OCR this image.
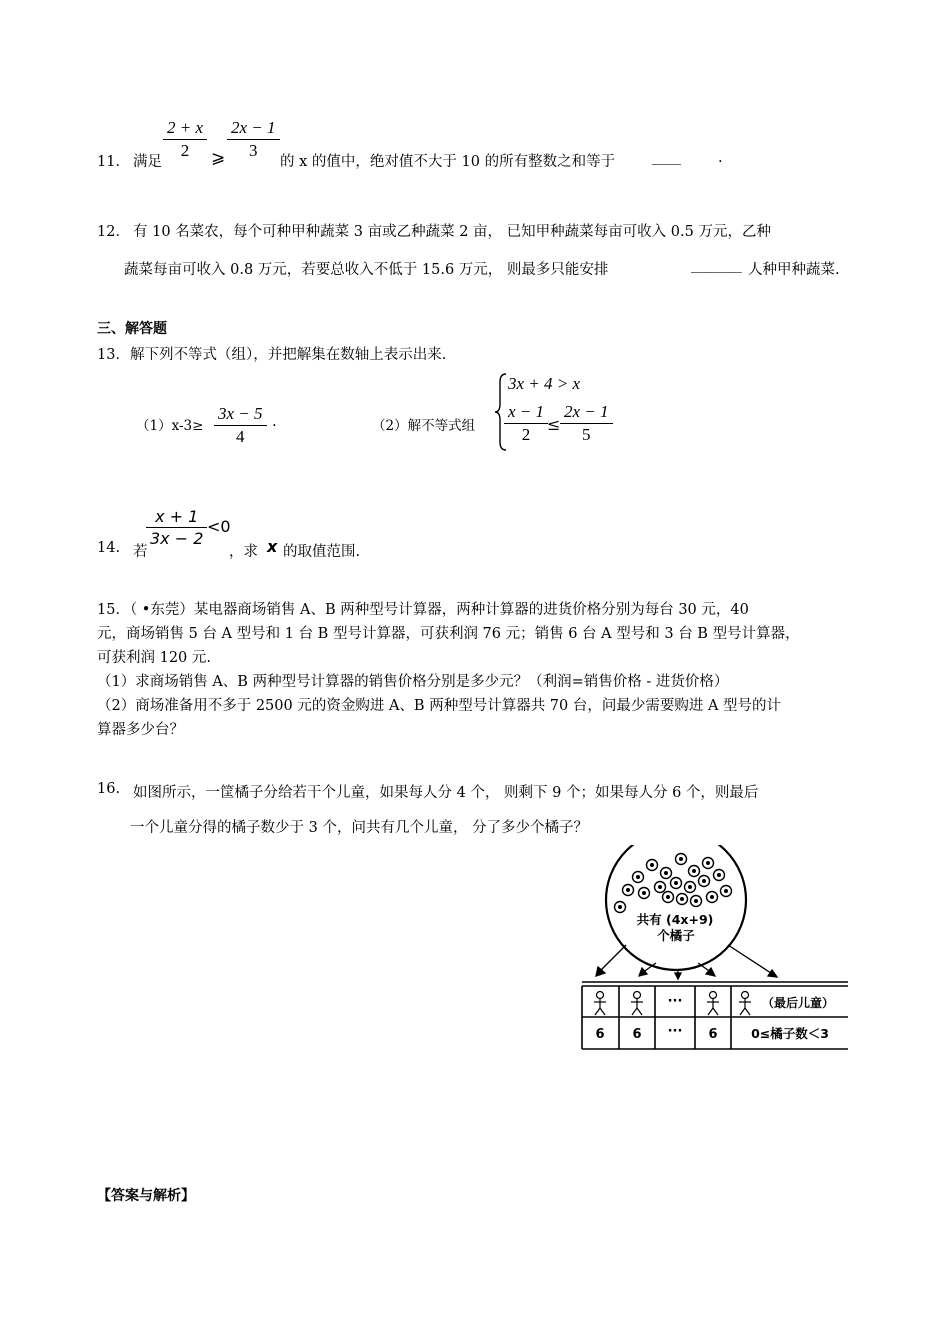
11． 满足
2 + x
2	⩾
2x − 1
3
的 x 的值中，绝对值不大于 10 的所有整数之和等于	____	.
12． 有 10 名菜农，每个可种甲种蔬菜 3 亩或乙种蔬菜 2 亩， 已知甲种蔬菜每亩可收入 0.5 万元，乙种
蔬菜每亩可收入 0.8 万元，若要总收入不低于 15.6 万元， 则最多只能安排	_______ 人种甲种蔬菜.
三、解答题
13．解下列不等式（组），并把解集在数轴上表示出来.
（1）x-3≥
3x − 5
4
.	（2）解不等式组
3x + 4 > x
x − 1
2
≤
2x − 1
5
14. 若
x + 1
3x − 2
<0
，求 x 的取值范围.
15．（ •东莞）某电器商场销售 A、B 两种型号计算器，两种计算器的进货价格分别为每台 30 元，40
元，商场销售 5 台 A 型号和 1 台 B 型号计算器，可获利润 76 元；销售 6 台 A 型号和 3 台 B 型号计算器，
可获利润 120 元.
（1）求商场销售 A、B 两种型号计算器的销售价格分别是多少元？（利润=销售价格 - 进货价格）
（2）商场准备用不多于 2500 元的资金购进 A、B 两种型号计算器共 70 台，问最少需要购进 A 型号的计
算器多少台？
16. 如图所示，一筐橘子分给若干个儿童，如果每人分 4 个， 则剩下 9 个；如果每人分 6 个，则最后
一个儿童分得的橘子数少于 3 个，问共有几个儿童， 分了多少个橘子？
共有 (4x+9)
个橘子
···	（最后儿童）
6 6 ··· 6	0≤橘子数＜3
【答案与解析】
